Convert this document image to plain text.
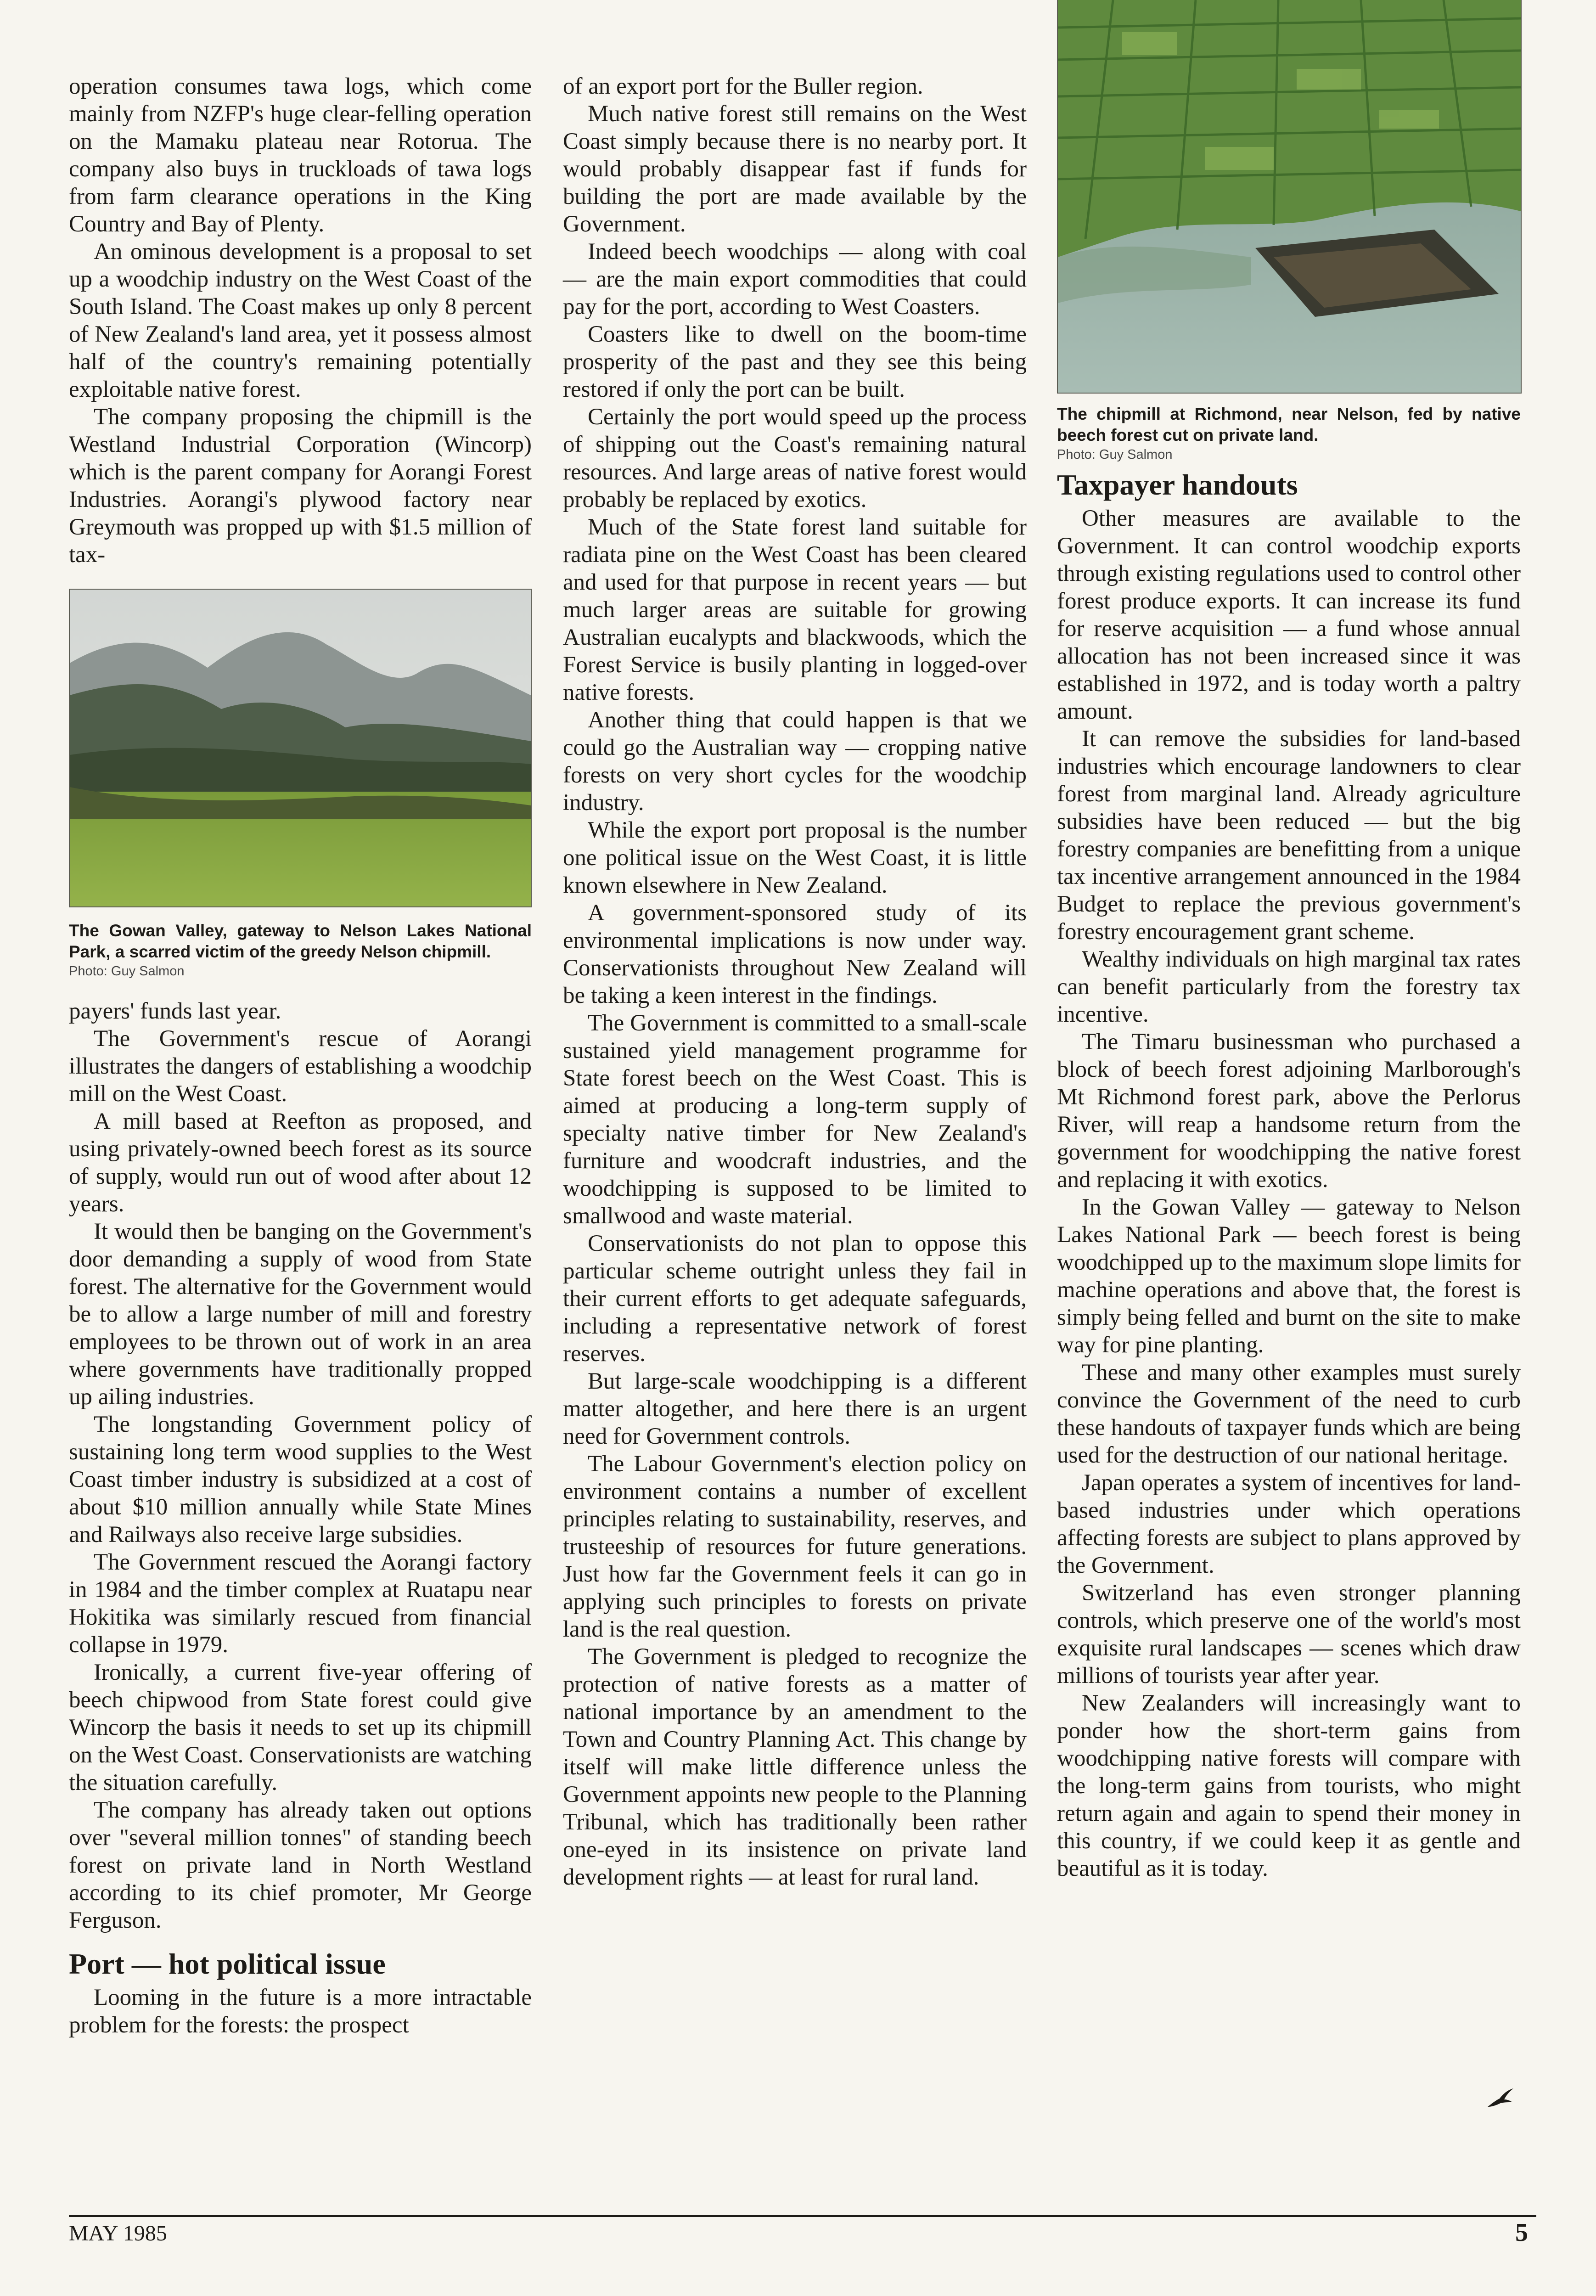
operation consumes tawa logs, which come mainly from NZFP's huge clear-felling operation on the Mamaku plateau near Rotorua. The company also buys in truckloads of tawa logs from farm clearance operations in the King Country and Bay of Plenty.

An ominous development is a proposal to set up a woodchip industry on the West Coast of the South Island. The Coast makes up only 8 percent of New Zealand's land area, yet it possess almost half of the country's remaining potentially exploitable native forest.

The company proposing the chipmill is the Westland Industrial Corporation (Wincorp) which is the parent company for Aorangi Forest Industries. Aorangi's plywood factory near Greymouth was propped up with $1.5 million of tax-

The Gowan Valley, gateway to Nelson Lakes National Park, a scarred victim of the greedy Nelson chipmill.
Photo: Guy Salmon

payers' funds last year.

The Government's rescue of Aorangi illustrates the dangers of establishing a woodchip mill on the West Coast.

A mill based at Reefton as proposed, and using privately-owned beech forest as its source of supply, would run out of wood after about 12 years.

It would then be banging on the Government's door demanding a supply of wood from State forest. The alternative for the Government would be to allow a large number of mill and forestry employees to be thrown out of work in an area where governments have traditionally propped up ailing industries.

The longstanding Government policy of sustaining long term wood supplies to the West Coast timber industry is subsidized at a cost of about $10 million annually while State Mines and Railways also receive large subsidies.

The Government rescued the Aorangi factory in 1984 and the timber complex at Ruatapu near Hokitika was similarly rescued from financial collapse in 1979.

Ironically, a current five-year offering of beech chipwood from State forest could give Wincorp the basis it needs to set up its chipmill on the West Coast. Conservationists are watching the situation carefully.

The company has already taken out options over "several million tonnes" of standing beech forest on private land in North Westland according to its chief promoter, Mr George Ferguson.

Port — hot political issue

Looming in the future is a more intractable problem for the forests: the prospect

of an export port for the Buller region.

Much native forest still remains on the West Coast simply because there is no nearby port. It would probably disappear fast if funds for building the port are made available by the Government.

Indeed beech woodchips — along with coal — are the main export commodities that could pay for the port, according to West Coasters.

Coasters like to dwell on the boom-time prosperity of the past and they see this being restored if only the port can be built.

Certainly the port would speed up the process of shipping out the Coast's remaining natural resources. And large areas of native forest would probably be replaced by exotics.

Much of the State forest land suitable for radiata pine on the West Coast has been cleared and used for that purpose in recent years — but much larger areas are suitable for growing Australian eucalypts and blackwoods, which the Forest Service is busily planting in logged-over native forests.

Another thing that could happen is that we could go the Australian way — cropping native forests on very short cycles for the woodchip industry.

While the export port proposal is the number one political issue on the West Coast, it is little known elsewhere in New Zealand.

A government-sponsored study of its environmental implications is now under way. Conservationists throughout New Zealand will be taking a keen interest in the findings.

The Government is committed to a small-scale sustained yield management programme for State forest beech on the West Coast. This is aimed at producing a long-term supply of specialty native timber for New Zealand's furniture and woodcraft industries, and the woodchipping is supposed to be limited to smallwood and waste material.

Conservationists do not plan to oppose this particular scheme outright unless they fail in their current efforts to get adequate safeguards, including a representative network of forest reserves.

But large-scale woodchipping is a different matter altogether, and here there is an urgent need for Government controls.

The Labour Government's election policy on environment contains a number of excellent principles relating to sustainability, reserves, and trusteeship of resources for future generations. Just how far the Government feels it can go in applying such principles to forests on private land is the real question.

The Government is pledged to recognize the protection of native forests as a matter of national importance by an amendment to the Town and Country Planning Act. This change by itself will make little difference unless the Government appoints new people to the Planning Tribunal, which has traditionally been rather one-eyed in its insistence on private land development rights — at least for rural land.

The chipmill at Richmond, near Nelson, fed by native beech forest cut on private land.
Photo: Guy Salmon
Taxpayer handouts

Other measures are available to the Government. It can control woodchip exports through existing regulations used to control other forest produce exports. It can increase its fund for reserve acquisition — a fund whose annual allocation has not been increased since it was established in 1972, and is today worth a paltry amount.

It can remove the subsidies for land-based industries which encourage landowners to clear forest from marginal land. Already agriculture subsidies have been reduced — but the big forestry companies are benefitting from a unique tax incentive arrangement announced in the 1984 Budget to replace the previous government's forestry encouragement grant scheme.

Wealthy individuals on high marginal tax rates can benefit particularly from the forestry tax incentive.

The Timaru businessman who purchased a block of beech forest adjoining Marlborough's Mt Richmond forest park, above the Perlorus River, will reap a handsome return from the government for woodchipping the native forest and replacing it with exotics.

In the Gowan Valley — gateway to Nelson Lakes National Park — beech forest is being woodchipped up to the maximum slope limits for machine operations and above that, the forest is simply being felled and burnt on the site to make way for pine planting.

These and many other examples must surely convince the Government of the need to curb these handouts of taxpayer funds which are being used for the destruction of our national heritage.

Japan operates a system of incentives for land-based industries under which operations affecting forests are subject to plans approved by the Government.

Switzerland has even stronger planning controls, which preserve one of the world's most exquisite rural landscapes — scenes which draw millions of tourists year after year.

New Zealanders will increasingly want to ponder how the short-term gains from woodchipping native forests will compare with the long-term gains from tourists, who might return again and again to spend their money in this country, if we could keep it as gentle and beautiful as it is today.

MAY 1985	5
